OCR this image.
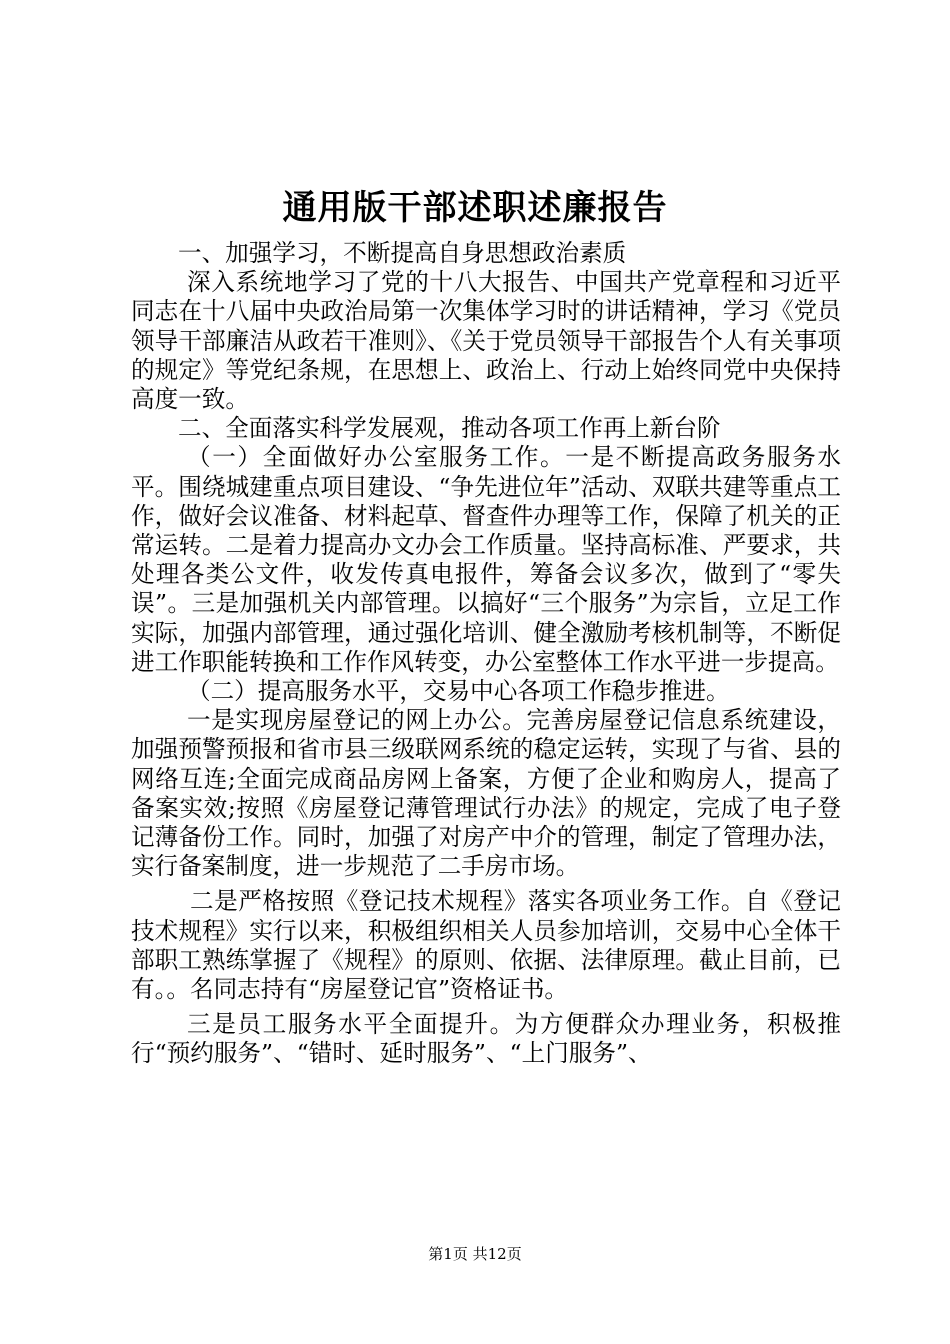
通用版干部述职述廉报告

一、加强学习，不断提高自身思想政治素质

深入系统地学习了党的十八大报告、中国共产党章程和习近平同志在十八届中央政治局第一次集体学习时的讲话精神，学习《党员领导干部廉洁从政若干准则》、《关于党员领导干部报告个人有关事项的规定》等党纪条规，在思想上、政治上、行动上始终同党中央保持高度一致。

二、全面落实科学发展观，推动各项工作再上新台阶

（一）全面做好办公室服务工作。一是不断提高政务服务水平。围绕城建重点项目建设、“争先进位年”活动、双联共建等重点工作，做好会议准备、材料起草、督查件办理等工作，保障了机关的正常运转。二是着力提高办文办会工作质量。坚持高标准、严要求，共处理各类公文件，收发传真电报件，筹备会议多次，做到了“零失误”。三是加强机关内部管理。以搞好“三个服务”为宗旨，立足工作实际，加强内部管理，通过强化培训、健全激励考核机制等，不断促进工作职能转换和工作作风转变，办公室整体工作水平进一步提高。

（二）提高服务水平，交易中心各项工作稳步推进。

一是实现房屋登记的网上办公。完善房屋登记信息系统建设，加强预警预报和省市县三级联网系统的稳定运转，实现了与省、县的网络互连;全面完成商品房网上备案，方便了企业和购房人，提高了备案实效;按照《房屋登记薄管理试行办法》的规定，完成了电子登记薄备份工作。同时，加强了对房产中介的管理，制定了管理办法，实行备案制度，进一步规范了二手房市场。

二是严格按照《登记技术规程》落实各项业务工作。自《登记技术规程》实行以来，积极组织相关人员参加培训，交易中心全体干部职工熟练掌握了《规程》的原则、依据、法律原理。截止目前，已有。。名同志持有“房屋登记官”资格证书。

三是员工服务水平全面提升。为方便群众办理业务，积极推行“预约服务”、“错时、延时服务”、“上门服务”、

第1页 共12页
